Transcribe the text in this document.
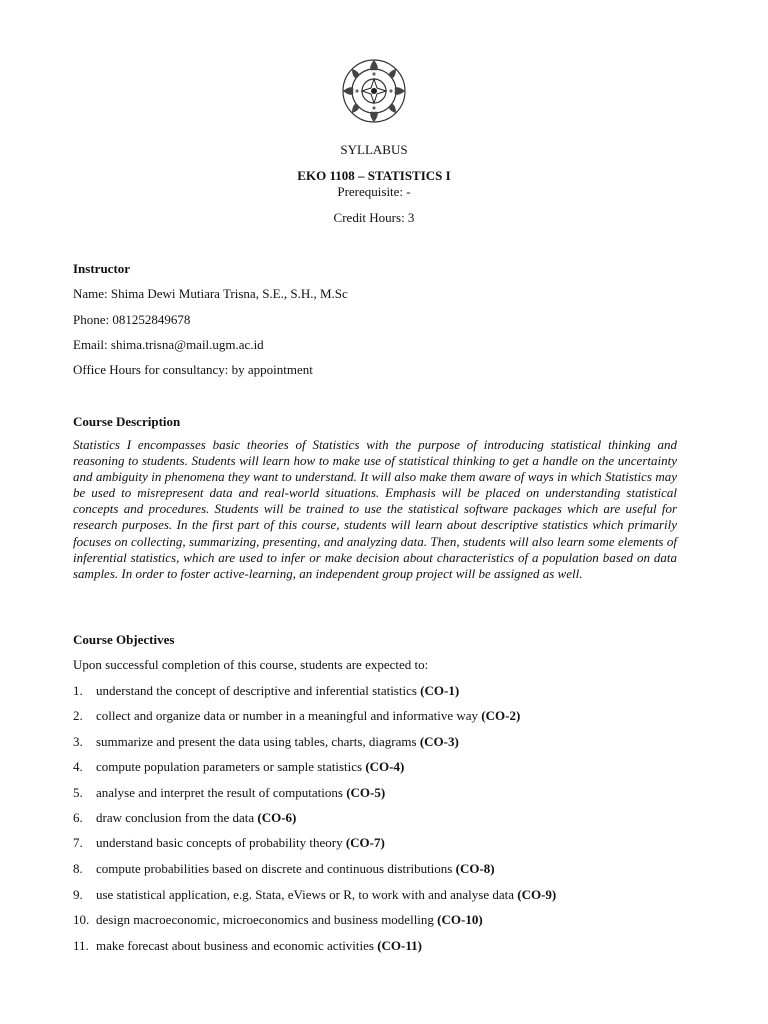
SYLLABUS
EKO 1108 – STATISTICS I
Prerequisite: -
Credit Hours: 3
Instructor
Name: Shima Dewi Mutiara Trisna, S.E., S.H., M.Sc
Phone: 081252849678
Email: shima.trisna@mail.ugm.ac.id
Office Hours for consultancy: by appointment
Course Description
Statistics I encompasses basic theories of Statistics with the purpose of introducing statistical thinking and reasoning to students. Students will learn how to make use of statistical thinking to get a handle on the uncertainty and ambiguity in phenomena they want to understand. It will also make them aware of ways in which Statistics may be used to misrepresent data and real-world situations. Emphasis will be placed on understanding statistical concepts and procedures. Students will be trained to use the statistical software packages which are useful for research purposes. In the first part of this course, students will learn about descriptive statistics which primarily focuses on collecting, summarizing, presenting, and analyzing data. Then, students will also learn some elements of inferential statistics, which are used to infer or make decision about characteristics of a population based on data samples. In order to foster active-learning, an independent group project will be assigned as well.
Course Objectives
Upon successful completion of this course, students are expected to:
1. understand the concept of descriptive and inferential statistics (CO-1)
2. collect and organize data or number in a meaningful and informative way (CO-2)
3. summarize and present the data using tables, charts, diagrams (CO-3)
4. compute population parameters or sample statistics (CO-4)
5. analyse and interpret the result of computations (CO-5)
6. draw conclusion from the data (CO-6)
7. understand basic concepts of probability theory (CO-7)
8. compute probabilities based on discrete and continuous distributions (CO-8)
9. use statistical application, e.g. Stata, eViews or R, to work with and analyse data (CO-9)
10. design macroeconomic, microeconomics and business modelling (CO-10)
11. make forecast about business and economic activities (CO-11)
